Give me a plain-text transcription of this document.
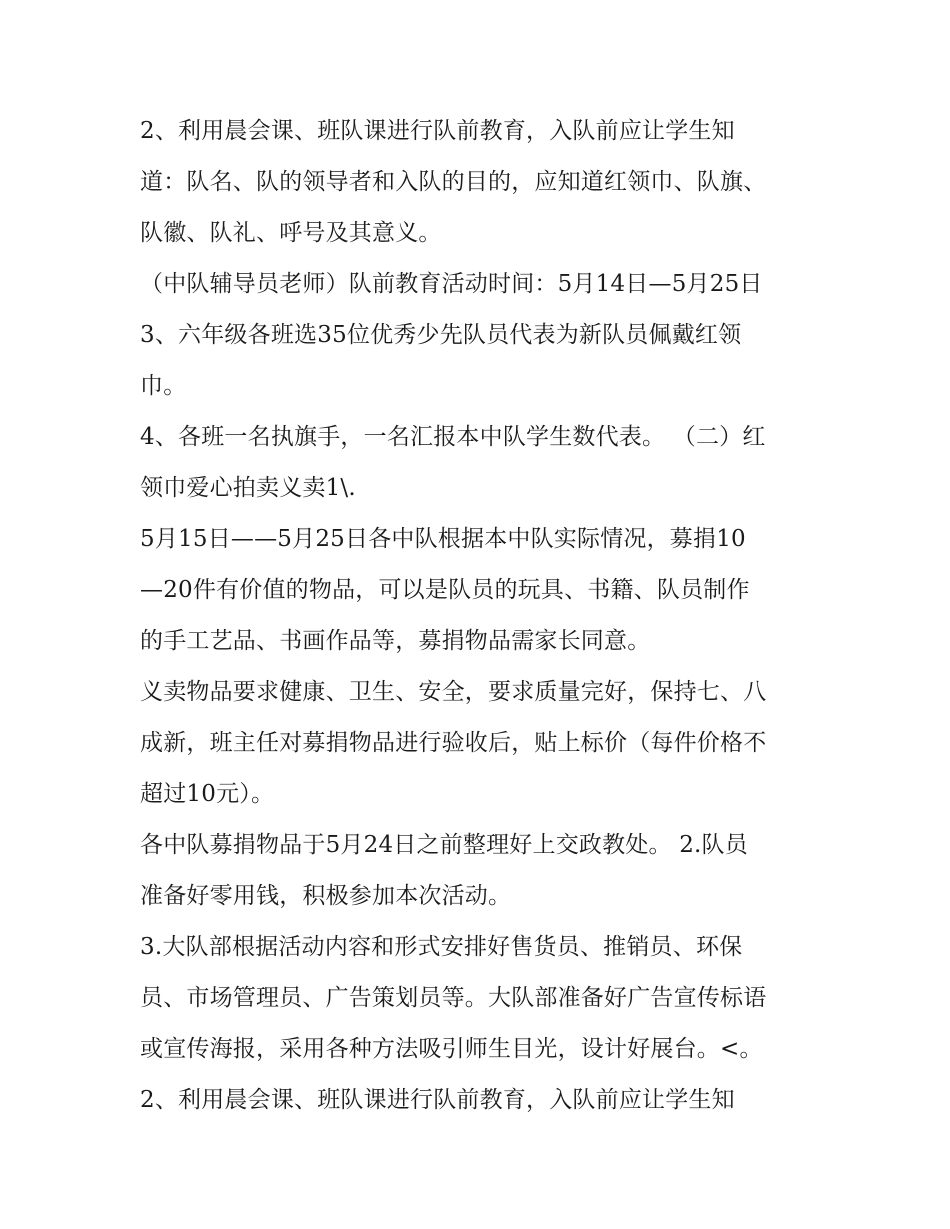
2、利用晨会课、班队课进行队前教育，入队前应让学生知
道：队名、队的领导者和入队的目的，应知道红领巾、队旗、
队徽、队礼、呼号及其意义。
（中队辅导员老师）队前教育活动时间：5月14日—5月25日
3、六年级各班选35位优秀少先队员代表为新队员佩戴红领
巾。
4、各班一名执旗手，一名汇报本中队学生数代表。 （二）红
领巾爱心拍卖义卖1\.
5月15日——5月25日各中队根据本中队实际情况，募捐10
—20件有价值的物品，可以是队员的玩具、书籍、队员制作
的手工艺品、书画作品等，募捐物品需家长同意。
义卖物品要求健康、卫生、安全，要求质量完好，保持七、八
成新，班主任对募捐物品进行验收后，贴上标价（每件价格不
超过10元）。
各中队募捐物品于5月24日之前整理好上交政教处。 2.队员
准备好零用钱，积极参加本次活动。
3.大队部根据活动内容和形式安排好售货员、推销员、环保
员、市场管理员、广告策划员等。大队部准备好广告宣传标语
或宣传海报，采用各种方法吸引师生目光，设计好展台。<。
2、利用晨会课、班队课进行队前教育，入队前应让学生知
